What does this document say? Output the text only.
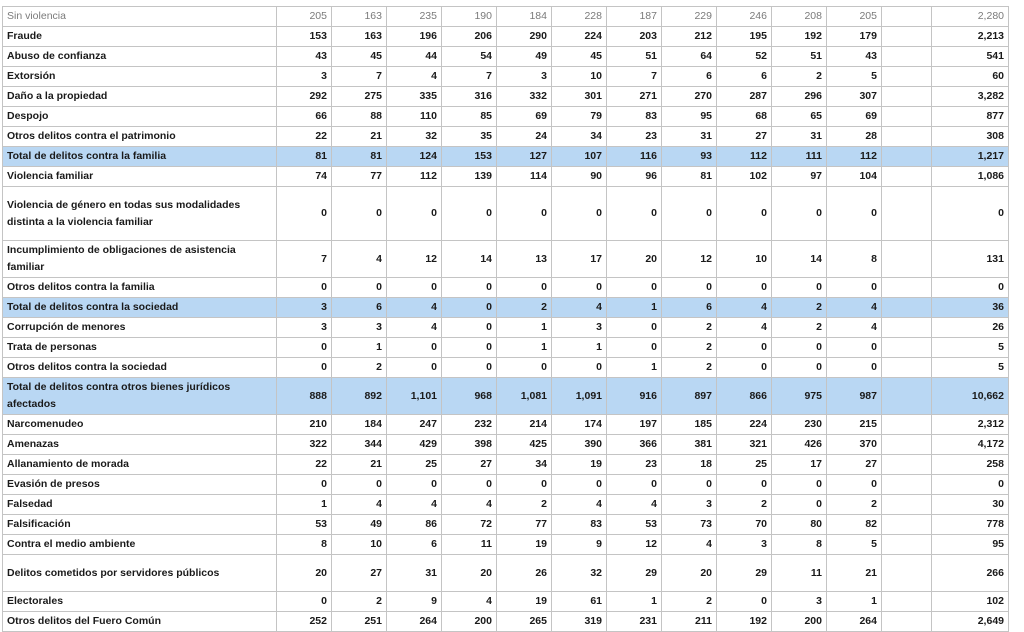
Sin violencia	205	163	235	190	184	228	187	229	246	208	205		2,280
Fraude	153	163	196	206	290	224	203	212	195	192	179		2,213
Abuso de confianza	43	45	44	54	49	45	51	64	52	51	43		541
Extorsión	3	7	4	7	3	10	7	6	6	2	5		60
Daño a la propiedad	292	275	335	316	332	301	271	270	287	296	307		3,282
Despojo	66	88	110	85	69	79	83	95	68	65	69		877
Otros delitos contra el patrimonio	22	21	32	35	24	34	23	31	27	31	28		308
Total de delitos contra la familia	81	81	124	153	127	107	116	93	112	111	112		1,217
Violencia familiar	74	77	112	139	114	90	96	81	102	97	104		1,086
Violencia de género en todas sus modalidades distinta a la violencia familiar	0	0	0	0	0	0	0	0	0	0	0		0
Incumplimiento de obligaciones de asistencia familiar	7	4	12	14	13	17	20	12	10	14	8		131
Otros delitos contra la familia	0	0	0	0	0	0	0	0	0	0	0		0
Total de delitos contra la sociedad	3	6	4	0	2	4	1	6	4	2	4		36
Corrupción de menores	3	3	4	0	1	3	0	2	4	2	4		26
Trata de personas	0	1	0	0	1	1	0	2	0	0	0		5
Otros delitos contra la sociedad	0	2	0	0	0	0	1	2	0	0	0		5
Total de delitos contra otros bienes jurídicos afectados	888	892	1,101	968	1,081	1,091	916	897	866	975	987		10,662
Narcomenudeo	210	184	247	232	214	174	197	185	224	230	215		2,312
Amenazas	322	344	429	398	425	390	366	381	321	426	370		4,172
Allanamiento de morada	22	21	25	27	34	19	23	18	25	17	27		258
Evasión de presos	0	0	0	0	0	0	0	0	0	0	0		0
Falsedad	1	4	4	4	2	4	4	3	2	0	2		30
Falsificación	53	49	86	72	77	83	53	73	70	80	82		778
Contra el medio ambiente	8	10	6	11	19	9	12	4	3	8	5		95
Delitos cometidos por servidores públicos	20	27	31	20	26	32	29	20	29	11	21		266
Electorales	0	2	9	4	19	61	1	2	0	3	1		102
Otros delitos del Fuero Común	252	251	264	200	265	319	231	211	192	200	264		2,649
